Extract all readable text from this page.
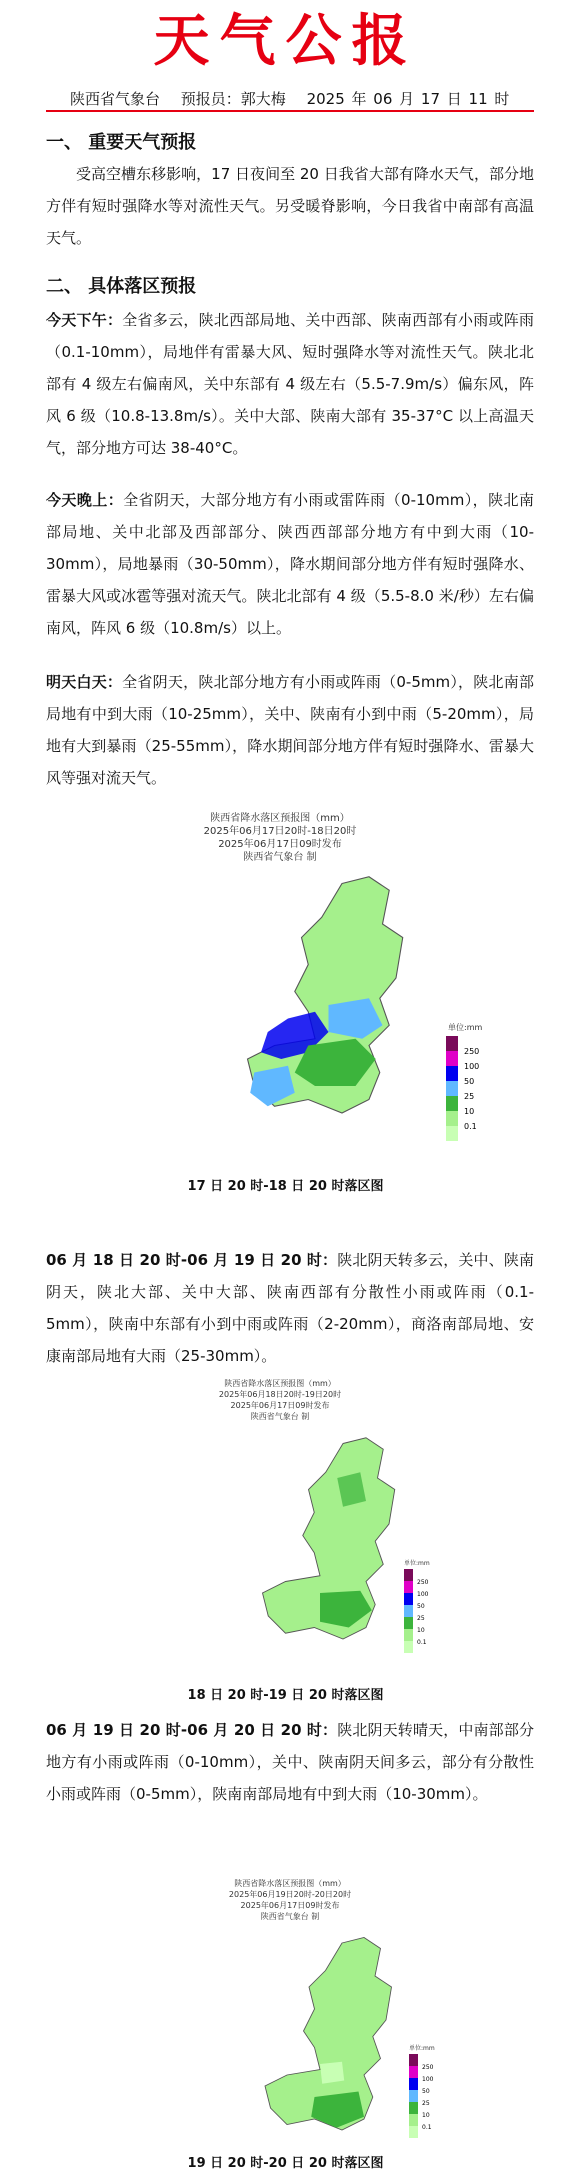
天气公报
陕西省气象台 预报员：郭大梅 2025 年 06 月 17 日 11 时
一、 重要天气预报
受高空槽东移影响，17 日夜间至 20 日我省大部有降水天气，部分地方伴有短时强降水等对流性天气。另受暖脊影响，今日我省中南部有高温天气。
二、 具体落区预报
今天下午：全省多云，陕北西部局地、关中西部、陕南西部有小雨或阵雨（0.1-10mm），局地伴有雷暴大风、短时强降水等对流性天气。陕北北部有 4 级左右偏南风，关中东部有 4 级左右（5.5-7.9m/s）偏东风，阵风 6 级（10.8-13.8m/s）。关中大部、陕南大部有 35-37°C 以上高温天气，部分地方可达 38-40°C。
今天晚上：全省阴天，大部分地方有小雨或雷阵雨（0-10mm），陕北南部局地、关中北部及西部部分、陕西西部部分地方有中到大雨（10-30mm），局地暴雨（30-50mm），降水期间部分地方伴有短时强降水、雷暴大风或冰雹等强对流天气。陕北北部有 4 级（5.5-8.0 米/秒）左右偏南风，阵风 6 级（10.8m/s）以上。
明天白天：全省阴天，陕北部分地方有小雨或阵雨（0-5mm），陕北南部局地有中到大雨（10-25mm），关中、陕南有小到中雨（5-20mm），局地有大到暴雨（25-55mm），降水期间部分地方伴有短时强降水、雷暴大风等强对流天气。
陕西省降水落区预报图（mm）
2025年06月17日20时-18日20时
2025年06月17日09时发布
陕西省气象台 制
单位:mm
250
100
50
25
10
0.1
17 日 20 时-18 日 20 时落区图
06 月 18 日 20 时-06 月 19 日 20 时：陕北阴天转多云，关中、陕南阴天，陕北大部、关中大部、陕南西部有分散性小雨或阵雨（0.1-5mm），陕南中东部有小到中雨或阵雨（2-20mm），商洛南部局地、安康南部局地有大雨（25-30mm）。
陕西省降水落区预报图（mm）
2025年06月18日20时-19日20时
2025年06月17日09时发布
陕西省气象台 制
单位:mm
250
100
50
25
10
0.1
18 日 20 时-19 日 20 时落区图
06 月 19 日 20 时-06 月 20 日 20 时：陕北阴天转晴天，中南部部分地方有小雨或阵雨（0-10mm），关中、陕南阴天间多云，部分有分散性小雨或阵雨（0-5mm），陕南南部局地有中到大雨（10-30mm）。
陕西省降水落区预报图（mm）
2025年06月19日20时-20日20时
2025年06月17日09时发布
陕西省气象台 制
单位:mm
250
100
50
25
10
0.1
19 日 20 时-20 日 20 时落区图
